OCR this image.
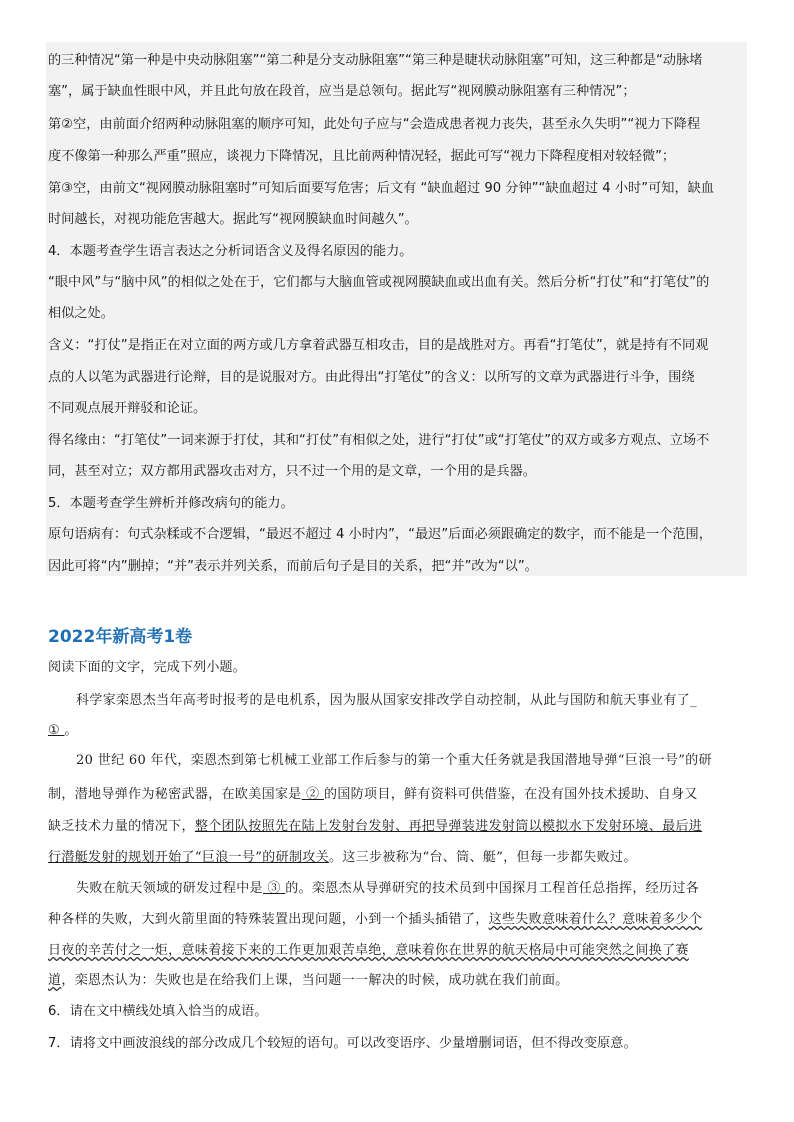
的三种情况“第一种是中央动脉阻塞”“第二种是分支动脉阻塞”“第三种是睫状动脉阻塞”可知，这三种都是“动脉堵
塞”，属于缺血性眼中风，并且此句放在段首，应当是总领句。据此写“视网膜动脉阻塞有三种情况”；
第②空，由前面介绍两种动脉阻塞的顺序可知，此处句子应与“会造成患者视力丧失，甚至永久失明”“视力下降程
度不像第一种那么严重”照应，谈视力下降情况，且比前两种情况轻，据此可写“视力下降程度相对较轻微”；
第③空，由前文“视网膜动脉阻塞时”可知后面要写危害；后文有 “缺血超过 90 分钟”“缺血超过 4 小时”可知，缺血
时间越长，对视功能危害越大。据此写“视网膜缺血时间越久”。
4．本题考查学生语言表达之分析词语含义及得名原因的能力。
“眼中风”与“脑中风”的相似之处在于，它们都与大脑血管或视网膜缺血或出血有关。然后分析“打仗”和“打笔仗”的
相似之处。
含义：“打仗”是指正在对立面的两方或几方拿着武器互相攻击，目的是战胜对方。再看“打笔仗”，就是持有不同观
点的人以笔为武器进行论辩，目的是说服对方。由此得出“打笔仗”的含义：以所写的文章为武器进行斗争，围绕
不同观点展开辩驳和论证。
得名缘由：“打笔仗”一词来源于打仗，其和“打仗”有相似之处，进行“打仗”或“打笔仗”的双方或多方观点、立场不
同，甚至对立；双方都用武器攻击对方，只不过一个用的是文章，一个用的是兵器。
5．本题考查学生辨析并修改病句的能力。
原句语病有：句式杂糅或不合逻辑，“最迟不超过 4 小时内”，“最迟”后面必须跟确定的数字，而不能是一个范围，
因此可将“内”删掉；“并”表示并列关系，而前后句子是目的关系，把“并”改为“以”。
2022年新高考1卷
阅读下面的文字，完成下列小题。
科学家栾恩杰当年高考时报考的是电机系，因为服从国家安排改学自动控制，从此与国防和航天事业有了_
① 。
20 世纪 60 年代，栾恩杰到第七机械工业部工作后参与的第一个重大任务就是我国潜地导弹“巨浪一号”的研
制，潜地导弹作为秘密武器，在欧美国家是 ② 的国防项目，鲜有资料可供借鉴，在没有国外技术援助、自身又
缺乏技术力量的情况下，整个团队按照先在陆上发射台发射、再把导弹装进发射筒以模拟水下发射环境、最后进
行潜艇发射的规划开始了“巨浪一号”的研制攻关。这三步被称为“台、筒、艇”，但每一步都失败过。
失败在航天领域的研发过程中是 ③ 的。栾恩杰从导弹研究的技术员到中国探月工程首任总指挥，经历过各
种各样的失败，大到火箭里面的特殊装置出现问题，小到一个插头插错了，这些失败意味着什么？意味着多少个
日夜的辛苦付之一炬，意味着接下来的工作更加艰苦卓绝，意味着你在世界的航天格局中可能突然之间换了赛
道，栾恩杰认为：失败也是在给我们上课，当问题一一解决的时候，成功就在我们前面。
6．请在文中横线处填入恰当的成语。
7．请将文中画波浪线的部分改成几个较短的语句。可以改变语序、少量增删词语，但不得改变原意。
